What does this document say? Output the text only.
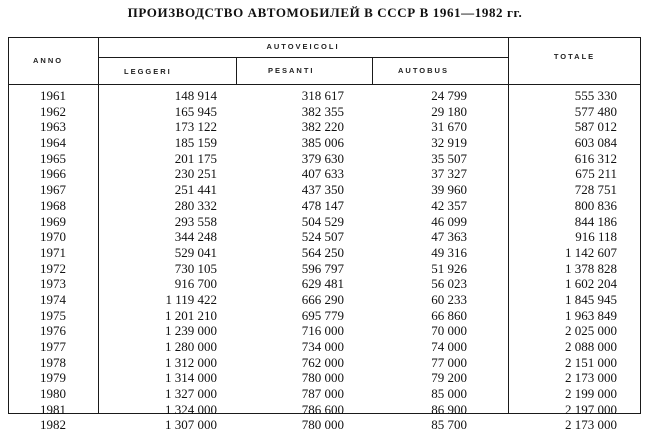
ПРОИЗВОДСТВО АВТОМОБИЛЕЙ В СССР В 1961—1982 гг.
ANNO
AUTOVEICOLI
LEGGERI	PESANTI	AUTOBUS
TOTALE
1961	148 914	318 617	24 799	555 330
1962	165 945	382 355	29 180	577 480
1963	173 122	382 220	31 670	587 012
1964	185 159	385 006	32 919	603 084
1965	201 175	379 630	35 507	616 312
1966	230 251	407 633	37 327	675 211
1967	251 441	437 350	39 960	728 751
1968	280 332	478 147	42 357	800 836
1969	293 558	504 529	46 099	844 186
1970	344 248	524 507	47 363	916 118
1971	529 041	564 250	49 316	1 142 607
1972	730 105	596 797	51 926	1 378 828
1973	916 700	629 481	56 023	1 602 204
1974	1 119 422	666 290	60 233	1 845 945
1975	1 201 210	695 779	66 860	1 963 849
1976	1 239 000	716 000	70 000	2 025 000
1977	1 280 000	734 000	74 000	2 088 000
1978	1 312 000	762 000	77 000	2 151 000
1979	1 314 000	780 000	79 200	2 173 000
1980	1 327 000	787 000	85 000	2 199 000
1981	1 324 000	786 600	86 900	2 197 000
1982	1 307 000	780 000	85 700	2 173 000
